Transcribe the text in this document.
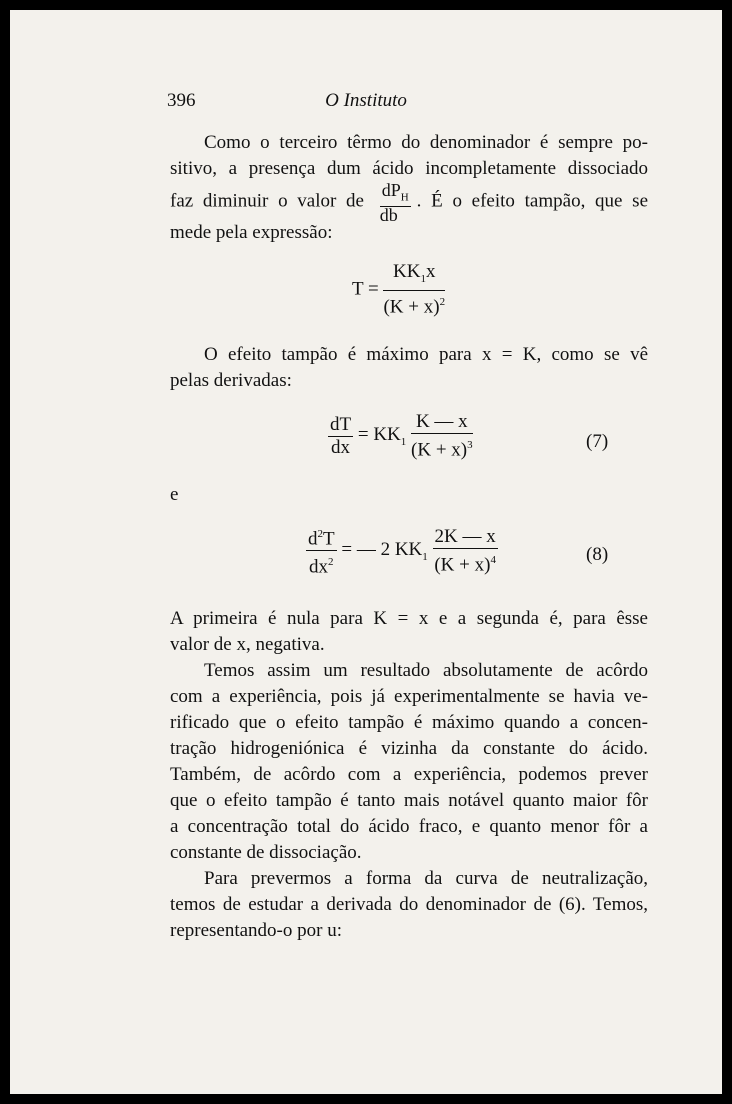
396	O Instituto
Como o terceiro têrmo do denominador é sempre po-
sitivo, a presença dum ácido incompletamente dissociado
faz diminuir o valor de $\frac{dP_H}{db}$ . É o efeito tampão, que se
mede pela expressão:
$T = \frac{KK_1x}{(K + x)^2}$
O efeito tampão é máximo para x = K, como se vê
pelas derivadas:
$\frac{dT}{dx} = KK_1 \frac{K — x}{(K + x)^3}$	(7)
e
$\frac{d^2T}{dx^2}$ = — 2 $KK_1 \frac{2K — x}{(K + x)^4}$	(8)
A primeira é nula para K = x e a segunda é, para êsse
valor de x, negativa.
Temos assim um resultado absolutamente de acôrdo
com a experiência, pois já experimentalmente se havia ve-
rificado que o efeito tampão é máximo quando a concen-
tração hidrogeniónica é vizinha da constante do ácido.
Também, de acôrdo com a experiência, podemos prever
que o efeito tampão é tanto mais notável quanto maior fôr
a concentração total do ácido fraco, e quanto menor fôr a
constante de dissociação.
Para prevermos a forma da curva de neutralização,
temos de estudar a derivada do denominador de (6). Temos,
representando-o por u:
